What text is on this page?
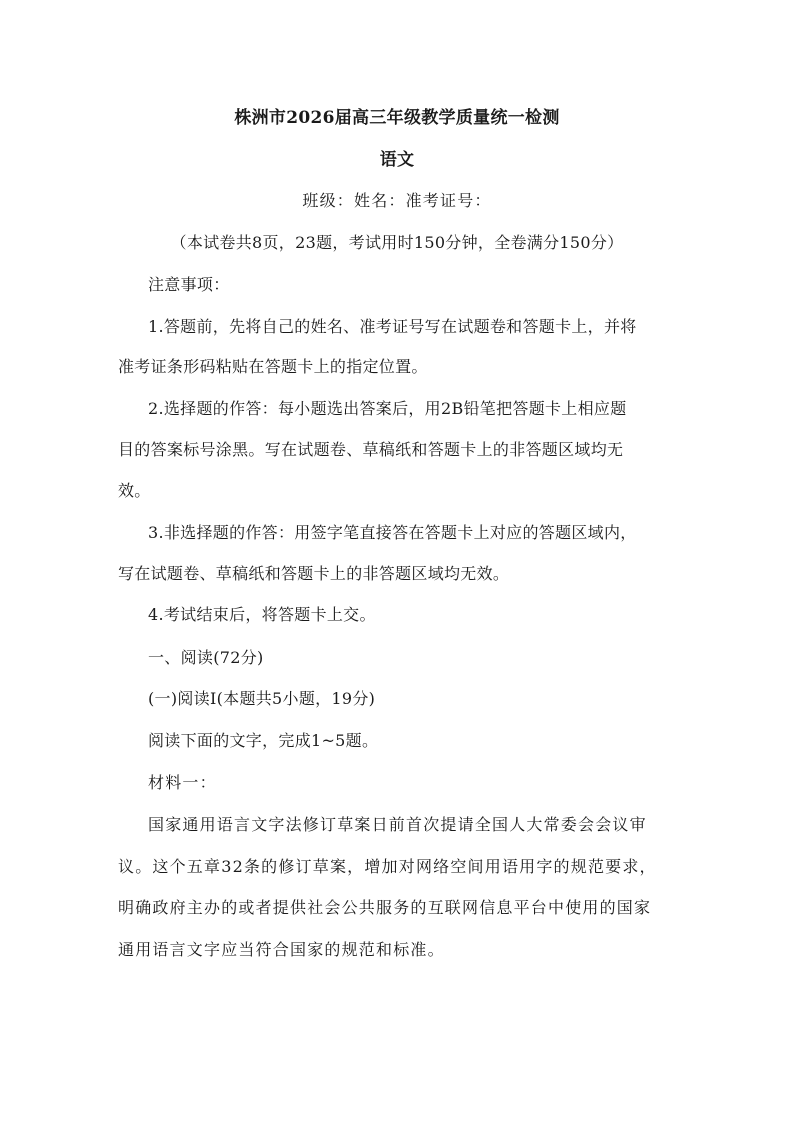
株洲市2026届高三年级教学质量统一检测
语文
班级：姓名：准考证号：
（本试卷共8页，23题，考试用时150分钟，全卷满分150分）
注意事项：
1.答题前，先将自己的姓名、准考证号写在试题卷和答题卡上，并将
准考证条形码粘贴在答题卡上的指定位置。
2.选择题的作答：每小题选出答案后，用2B铅笔把答题卡上相应题
目的答案标号涂黑。写在试题卷、草稿纸和答题卡上的非答题区域均无
效。
3.非选择题的作答：用签字笔直接答在答题卡上对应的答题区域内，
写在试题卷、草稿纸和答题卡上的非答题区域均无效。
4.考试结束后，将答题卡上交。
一、阅读(72分)
(一)阅读Ⅰ(本题共5小题，19分)
阅读下面的文字，完成1~5题。
材料一：
国家通用语言文字法修订草案日前首次提请全国人大常委会会议审
议。这个五章32条的修订草案，增加对网络空间用语用字的规范要求，
明确政府主办的或者提供社会公共服务的互联网信息平台中使用的国家
通用语言文字应当符合国家的规范和标准。
